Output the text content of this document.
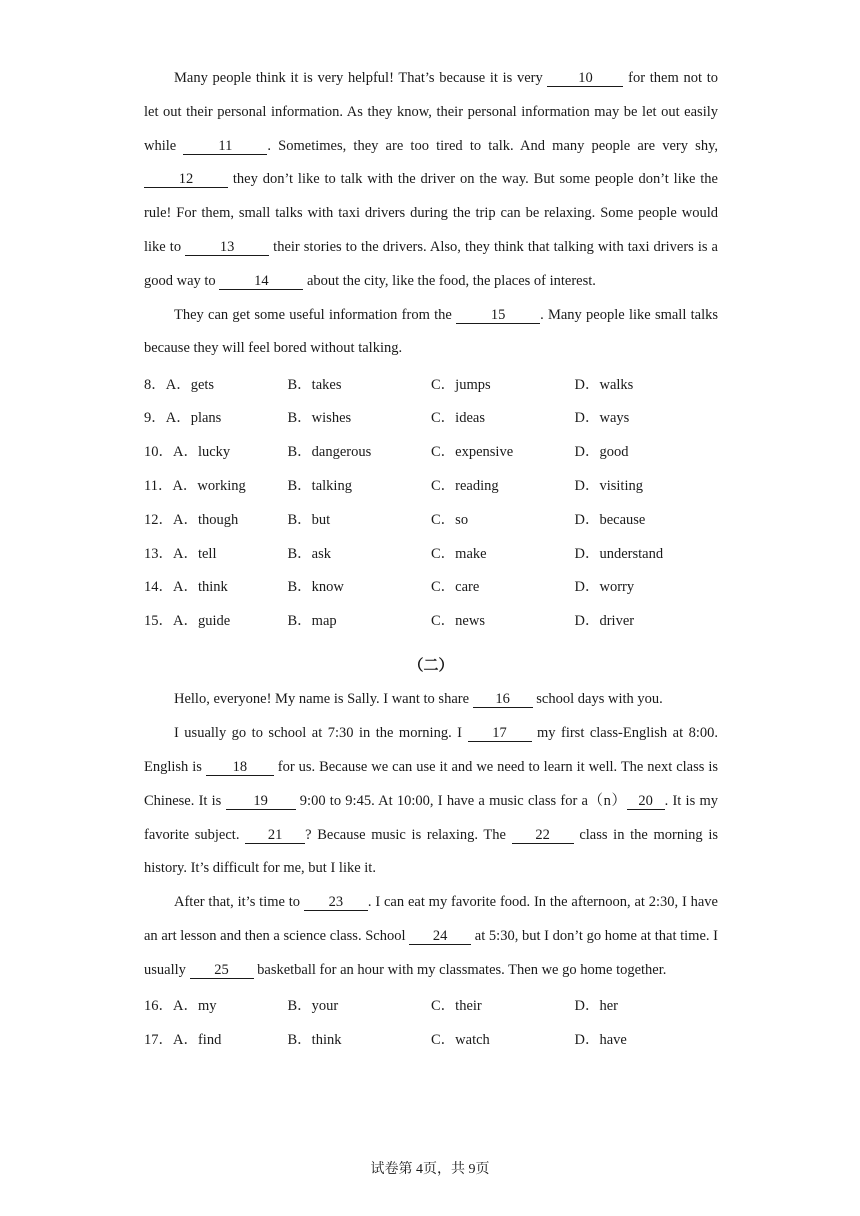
Many people think it is very helpful! That’s because it is very 10 for them not to let out their personal information. As they know, their personal information may be let out easily while 11 . Sometimes, they are too tired to talk. And many people are very shy, 12 they don’t like to talk with the driver on the way. But some people don’t like the rule! For them, small talks with taxi drivers during the trip can be relaxing. Some people would like to 13 their stories to the drivers. Also, they think that talking with taxi drivers is a good way to 14 about the city, like the food, the places of interest.

They can get some useful information from the 15 . Many people like small talks because they will feel bored without talking.

8．A．gets	B．takes	C．jumps	D．walks
9．A．plans	B．wishes	C．ideas	D．ways
10．A．lucky	B．dangerous	C．expensive	D．good
11．A．working	B．talking	C．reading	D．visiting
12．A．though	B．but	C．so	D．because
13．A．tell	B．ask	C．make	D．understand
14．A．think	B．know	C．care	D．worry
15．A．guide	B．map	C．news	D．driver
（二）

Hello, everyone! My name is Sally. I want to share 16 school days with you.

I usually go to school at 7:30 in the morning. I 17 my first class-English at 8:00. English is 18 for us. Because we can use it and we need to learn it well. The next class is Chinese. It is 19 9:00 to 9:45. At 10:00, I have a music class for a（n） 20 . It is my favorite subject. 21 ? Because music is relaxing. The 22 class in the morning is history. It’s difficult for me, but I like it.

After that, it’s time to 23 . I can eat my favorite food. In the afternoon, at 2:30, I have an art lesson and then a science class. School 24 at 5:30, but I don’t go home at that time. I usually 25 basketball for an hour with my classmates. Then we go home together.

16．A．my	B．your	C．their	D．her
17．A．find	B．think	C．watch	D．have
试卷第 4页，共 9页
